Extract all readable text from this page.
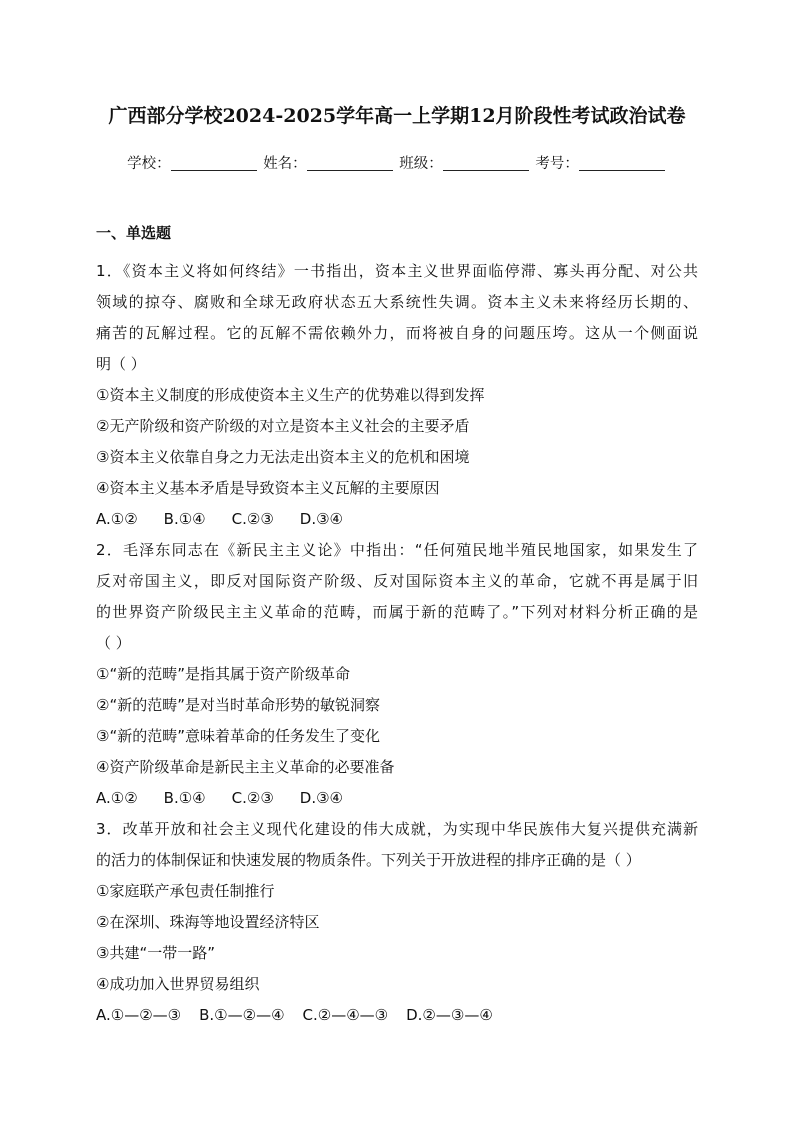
广西部分学校2024-2025学年高一上学期12月阶段性考试政治试卷
学校：	姓名：	班级：	考号：
一、单选题
1．《资本主义将如何终结》一书指出，资本主义世界面临停滞、寡头再分配、对公共
领域的掠夺、腐败和全球无政府状态五大系统性失调。资本主义未来将经历长期的、
痛苦的瓦解过程。它的瓦解不需依赖外力，而将被自身的问题压垮。这从一个侧面说
明（ ）
①资本主义制度的形成使资本主义生产的优势难以得到发挥
②无产阶级和资产阶级的对立是资本主义社会的主要矛盾
③资本主义依靠自身之力无法走出资本主义的危机和困境
④资本主义基本矛盾是导致资本主义瓦解的主要原因
A.①② B.①④ C.②③ D.③④
2．毛泽东同志在《新民主主义论》中指出：“任何殖民地半殖民地国家，如果发生了
反对帝国主义，即反对国际资产阶级、反对国际资本主义的革命，它就不再是属于旧
的世界资产阶级民主主义革命的范畴，而属于新的范畴了。”下列对材料分析正确的是
（ ）
①“新的范畴”是指其属于资产阶级革命
②“新的范畴”是对当时革命形势的敏锐洞察
③“新的范畴”意味着革命的任务发生了变化
④资产阶级革命是新民主主义革命的必要准备
A.①② B.①④ C.②③ D.③④
3．改革开放和社会主义现代化建设的伟大成就，为实现中华民族伟大复兴提供充满新
的活力的体制保证和快速发展的物质条件。下列关于开放进程的排序正确的是（ ）
①家庭联产承包责任制推行
②在深圳、珠海等地设置经济特区
③共建“一带一路”
④成功加入世界贸易组织
A.①—②—③ B.①—②—④ C.②—④—③ D.②—③—④
